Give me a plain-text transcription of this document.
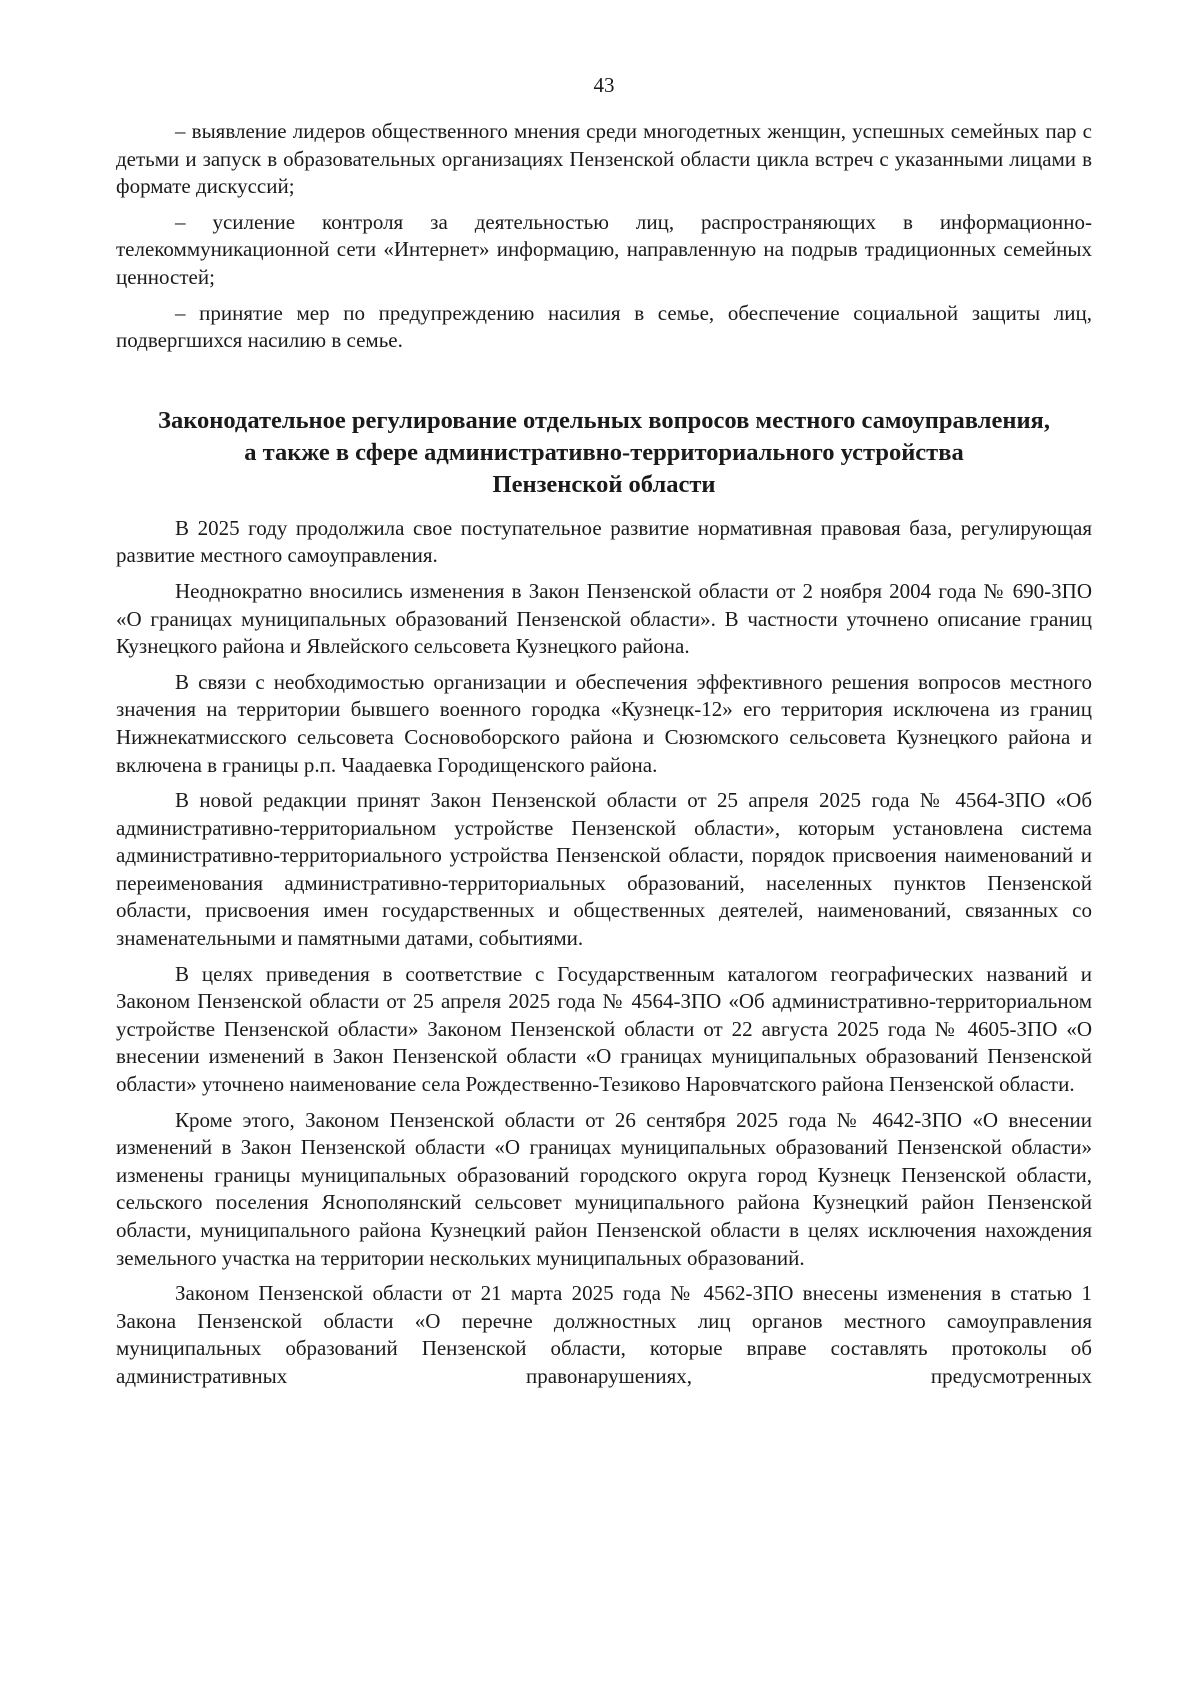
43

– выявление лидеров общественного мнения среди многодетных женщин, успешных семейных пар с детьми и запуск в образовательных организациях Пензенской области цикла встреч с указанными лицами в формате дискуссий;

– усиление контроля за деятельностью лиц, распространяющих в информационно-телекоммуникационной сети «Интернет» информацию, направленную на подрыв традиционных семейных ценностей;

– принятие мер по предупреждению насилия в семье, обеспечение социальной защиты лиц, подвергшихся насилию в семье.

Законодательное регулирование отдельных вопросов местного самоуправления,
а также в сфере административно-территориального устройства
Пензенской области

В 2025 году продолжила свое поступательное развитие нормативная правовая база, регулирующая развитие местного самоуправления.

Неоднократно вносились изменения в Закон Пензенской области от 2 ноября 2004 года № 690-ЗПО «О границах муниципальных образований Пензенской области». В частности уточнено описание границ Кузнецкого района и Явлейского сельсовета Кузнецкого района.

В связи с необходимостью организации и обеспечения эффективного решения вопросов местного значения на территории бывшего военного городка «Кузнецк-12» его территория исключена из границ Нижнекатмисского сельсовета Сосновоборского района и Сюзюмского сельсовета Кузнецкого района и включена в границы р.п. Чаадаевка Городищенского района.

В новой редакции принят Закон Пензенской области от 25 апреля 2025 года № 4564-ЗПО «Об административно-территориальном устройстве Пензенской области», которым установлена система административно-территориального устройства Пензенской области, порядок присвоения наименований и переименования административно-территориальных образований, населенных пунктов Пензенской области, присвоения имен государственных и общественных деятелей, наименований, связанных со знаменательными и памятными датами, событиями.

В целях приведения в соответствие с Государственным каталогом географических названий и Законом Пензенской области от 25 апреля 2025 года № 4564-ЗПО «Об административно-территориальном устройстве Пензенской области» Законом Пензенской области от 22 августа 2025 года № 4605-ЗПО «О внесении изменений в Закон Пензенской области «О границах муниципальных образований Пензенской области» уточнено наименование села Рождественно-Тезиково Наровчатского района Пензенской области.

Кроме этого, Законом Пензенской области от 26 сентября 2025 года № 4642-ЗПО «О внесении изменений в Закон Пензенской области «О границах муниципальных образований Пензенской области» изменены границы муниципальных образований городского округа город Кузнецк Пензенской области, сельского поселения Яснополянский сельсовет муниципального района Кузнецкий район Пензенской области, муниципального района Кузнецкий район Пензенской области в целях исключения нахождения земельного участка на территории нескольких муниципальных образований.

Законом Пензенской области от 21 марта 2025 года № 4562-ЗПО внесены изменения в статью 1 Закона Пензенской области «О перечне должностных лиц органов местного самоуправления муниципальных образований Пензенской области, которые вправе составлять протоколы об административных правонарушениях, предусмотренных
